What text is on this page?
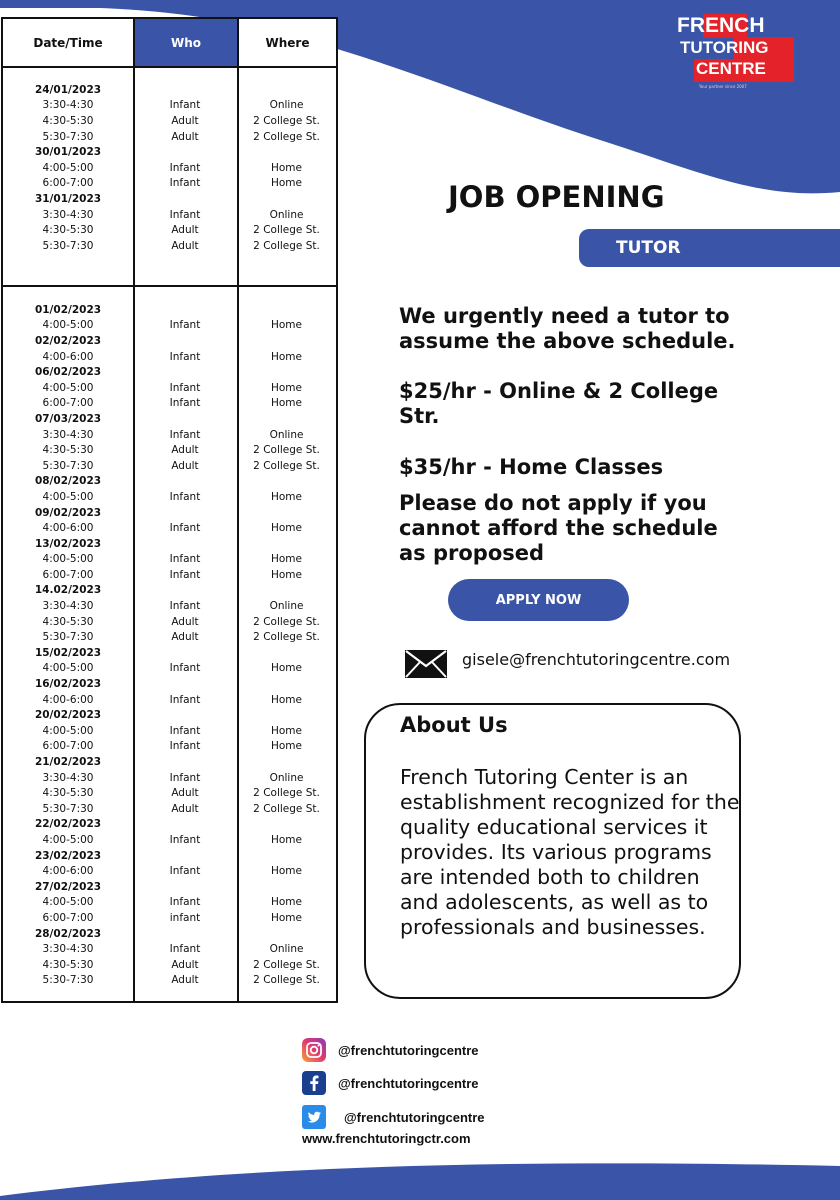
Date/Time	Who	Where
24/01/2023
3:30-4:30	Infant	Online
4:30-5:30	Adult	2 College St.
5:30-7:30	Adult	2 College St.
30/01/2023
4:00-5:00	Infant	Home
6:00-7:00	Infant	Home
31/01/2023
3:30-4:30	Infant	Online
4:30-5:30	Adult	2 College St.
5:30-7:30	Adult	2 College St.
01/02/2023
4:00-5:00	Infant	Home
02/02/2023
4:00-6:00	Infant	Home
06/02/2023
4:00-5:00	Infant	Home
6:00-7:00	Infant	Home
07/03/2023
3:30-4:30	Infant	Online
4:30-5:30	Adult	2 College St.
5:30-7:30	Adult	2 College St.
08/02/2023
4:00-5:00	Infant	Home
09/02/2023
4:00-6:00	Infant	Home
13/02/2023
4:00-5:00	Infant	Home
6:00-7:00	Infant	Home
14.02/2023
3:30-4:30	Infant	Online
4:30-5:30	Adult	2 College St.
5:30-7:30	Adult	2 College St.
15/02/2023
4:00-5:00	Infant	Home
16/02/2023
4:00-6:00	Infant	Home
20/02/2023
4:00-5:00	Infant	Home
6:00-7:00	Infant	Home
21/02/2023
3:30-4:30	Infant	Online
4:30-5:30	Adult	2 College St.
5:30-7:30	Adult	2 College St.
22/02/2023
4:00-5:00	Infant	Home
23/02/2023
4:00-6:00	Infant	Home
27/02/2023
4:00-5:00	Infant	Home
6:00-7:00	infant	Home
28/02/2023
3:30-4:30	Infant	Online
4:30-5:30	Adult	2 College St.
5:30-7:30	Adult	2 College St.
FRENCH
TUTORING
CENTRE
Your partner since 2007
JOB OPENING
TUTOR
We urgently need a tutor to assume the above schedule.
$25/hr - Online & 2 College Str.
$35/hr - Home Classes
Please do not apply if you cannot afford the schedule as proposed
APPLY NOW
gisele@frenchtutoringcentre.com
About Us
French Tutoring Center is an establishment recognized for the quality educational services it provides. Its various programs are intended both to children and adolescents, as well as to professionals and businesses.
@frenchtutoringcentre
@frenchtutoringcentre
@frenchtutoringcentre
www.frenchtutoringctr.com
